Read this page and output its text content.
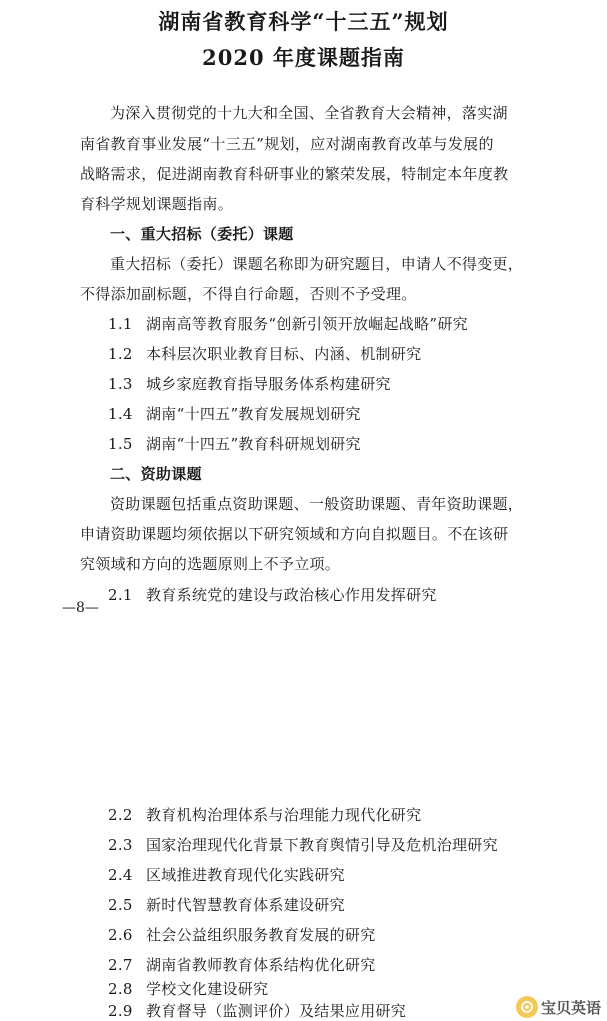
湖南省教育科学“十三五”规划
2020 年度课题指南
为深入贯彻党的十九大和全国、全省教育大会精神，落实湖
南省教育事业发展“十三五”规划，应对湖南教育改革与发展的
战略需求，促进湖南教育科研事业的繁荣发展，特制定本年度教
育科学规划课题指南。
一、重大招标（委托）课题
重大招标（委托）课题名称即为研究题目，申请人不得变更，
不得添加副标题，不得自行命题，否则不予受理。
1.1 湖南高等教育服务“创新引领开放崛起战略”研究
1.2 本科层次职业教育目标、内涵、机制研究
1.3 城乡家庭教育指导服务体系构建研究
1.4 湖南“十四五”教育发展规划研究
1.5 湖南“十四五”教育科研规划研究
二、资助课题
资助课题包括重点资助课题、一般资助课题、青年资助课题，
申请资助课题均须依据以下研究领域和方向自拟题目。不在该研
究领域和方向的选题原则上不予立项。
2.1 教育系统党的建设与政治核心作用发挥研究
—8—
2.2 教育机构治理体系与治理能力现代化研究
2.3 国家治理现代化背景下教育舆情引导及危机治理研究
2.4 区域推进教育现代化实践研究
2.5 新时代智慧教育体系建设研究
2.6 社会公益组织服务教育发展的研究
2.7 湖南省教师教育体系结构优化研究
2.8 学校文化建设研究
2.9 教育督导（监测评价）及结果应用研究	宝贝英语
